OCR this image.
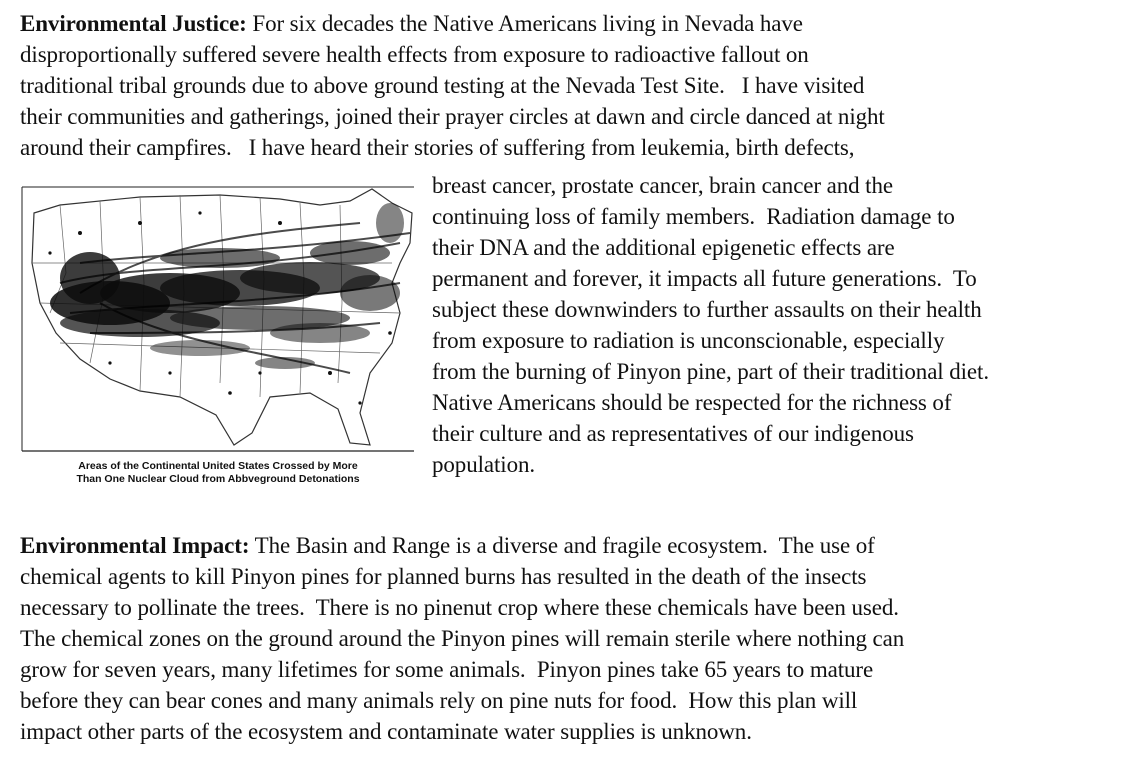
Environmental Justice: For six decades the Native Americans living in Nevada have
disproportionally suffered severe health effects from exposure to radioactive fallout on
traditional tribal grounds due to above ground testing at the Nevada Test Site.   I have visited
their communities and gatherings, joined their prayer circles at dawn and circle danced at night
around their campfires.   I have heard their stories of suffering from leukemia, birth defects,
breast cancer, prostate cancer, brain cancer and the
continuing loss of family members.  Radiation damage to
their DNA and the additional epigenetic effects are
permanent and forever, it impacts all future generations.  To
subject these downwinders to further assaults on their health
from exposure to radiation is unconscionable, especially
from the burning of Pinyon pine, part of their traditional diet.
Native Americans should be respected for the richness of
their culture and as representatives of our indigenous
population.
Areas of the Continental United States Crossed by More
Than One Nuclear Cloud from Abbveground Detonations
Environmental Impact: The Basin and Range is a diverse and fragile ecosystem.  The use of
chemical agents to kill Pinyon pines for planned burns has resulted in the death of the insects
necessary to pollinate the trees.  There is no pinenut crop where these chemicals have been used.
The chemical zones on the ground around the Pinyon pines will remain sterile where nothing can
grow for seven years, many lifetimes for some animals.  Pinyon pines take 65 years to mature
before they can bear cones and many animals rely on pine nuts for food.  How this plan will
impact other parts of the ecosystem and contaminate water supplies is unknown.
